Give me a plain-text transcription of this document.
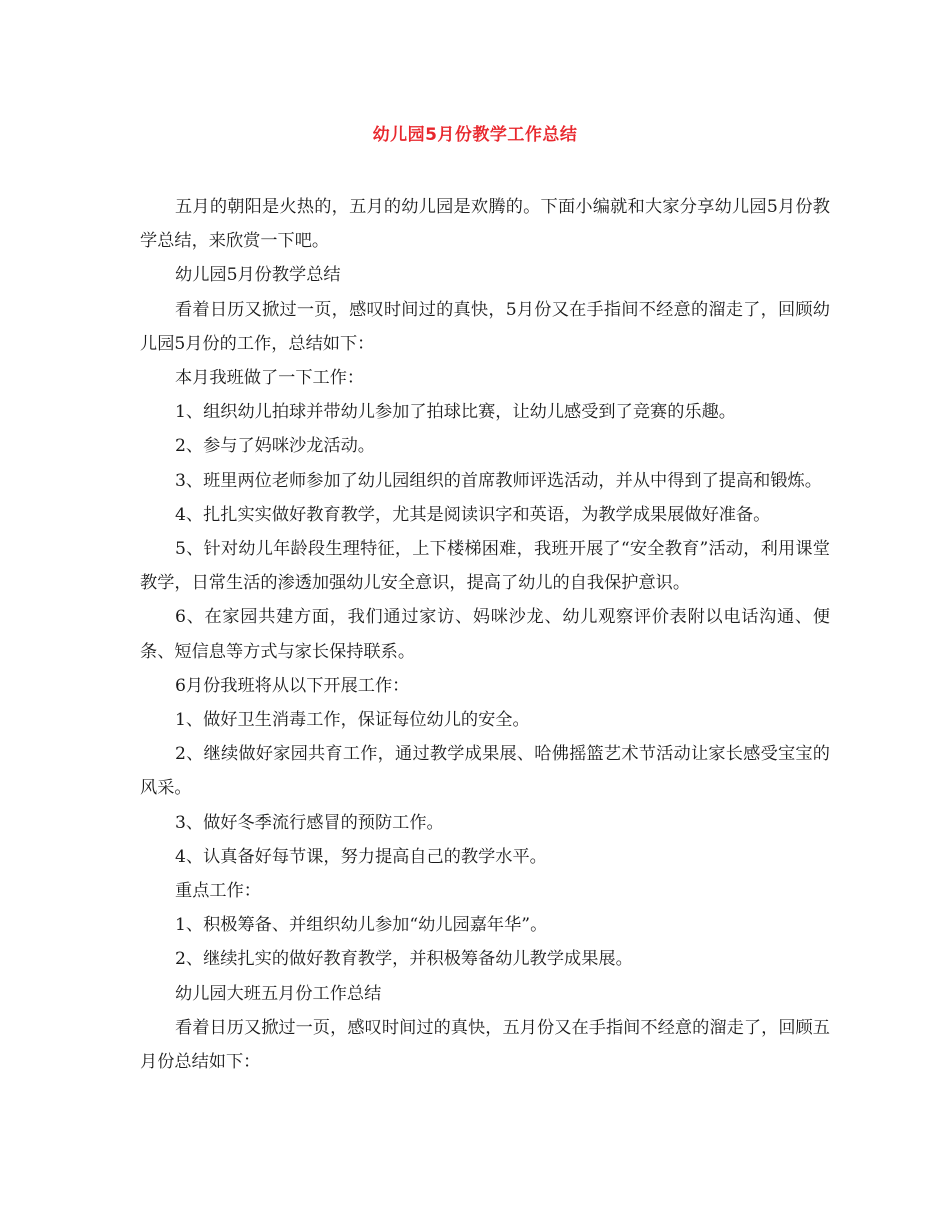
幼儿园5月份教学工作总结

五月的朝阳是火热的，五月的幼儿园是欢腾的。下面小编就和大家分享幼儿园5月份教学总结，来欣赏一下吧。

幼儿园5月份教学总结

看着日历又掀过一页，感叹时间过的真快，5月份又在手指间不经意的溜走了，回顾幼儿园5月份的工作，总结如下：

本月我班做了一下工作：

1、组织幼儿拍球并带幼儿参加了拍球比赛，让幼儿感受到了竞赛的乐趣。

2、参与了妈咪沙龙活动。

3、班里两位老师参加了幼儿园组织的首席教师评选活动，并从中得到了提高和锻炼。

4、扎扎实实做好教育教学，尤其是阅读识字和英语，为教学成果展做好准备。

5、针对幼儿年龄段生理特征，上下楼梯困难，我班开展了“安全教育”活动，利用课堂教学，日常生活的渗透加强幼儿安全意识，提高了幼儿的自我保护意识。

6、在家园共建方面，我们通过家访、妈咪沙龙、幼儿观察评价表附以电话沟通、便条、短信息等方式与家长保持联系。

6月份我班将从以下开展工作：

1、做好卫生消毒工作，保证每位幼儿的安全。

2、继续做好家园共育工作，通过教学成果展、哈佛摇篮艺术节活动让家长感受宝宝的风采。

3、做好冬季流行感冒的预防工作。

4、认真备好每节课，努力提高自己的教学水平。

重点工作：

1、积极筹备、并组织幼儿参加“幼儿园嘉年华”。

2、继续扎实的做好教育教学，并积极筹备幼儿教学成果展。

幼儿园大班五月份工作总结

看着日历又掀过一页，感叹时间过的真快，五月份又在手指间不经意的溜走了，回顾五月份总结如下：
